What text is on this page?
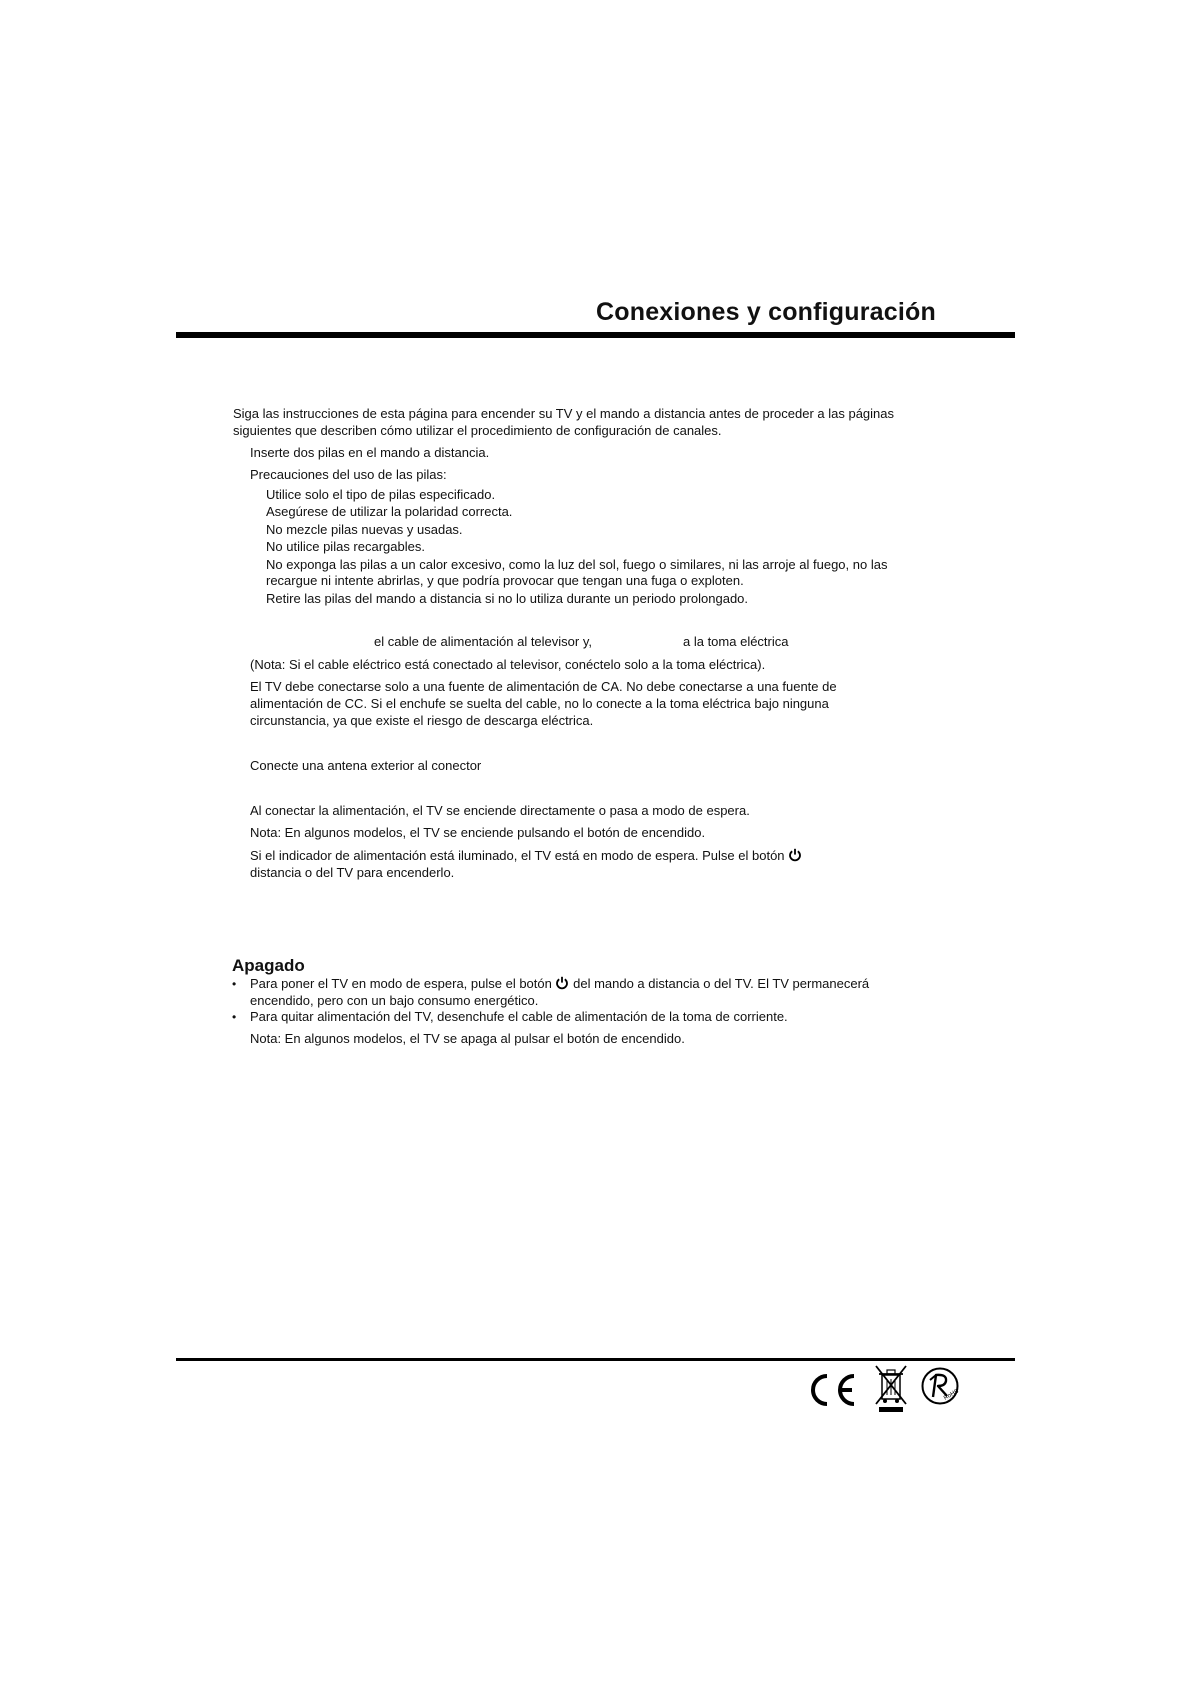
Conexiones y configuración
Siga las instrucciones de esta página para encender su TV y el mando a distancia antes de proceder a las páginas
siguientes que describen cómo utilizar el procedimiento de configuración de canales.
Inserte dos pilas en el mando a distancia.
Precauciones del uso de las pilas:
Utilice solo el tipo de pilas especificado.
Asegúrese de utilizar la polaridad correcta.
No mezcle pilas nuevas y usadas.
No utilice pilas recargables.
No exponga las pilas a un calor excesivo, como la luz del sol, fuego o similares, ni las arroje al fuego, no las
recargue ni intente abrirlas, y que podría provocar que tengan una fuga o exploten.
Retire las pilas del mando a distancia si no lo utiliza durante un periodo prolongado.
el cable de alimentación al televisor y,	a la toma eléctrica
(Nota: Si el cable eléctrico está conectado al televisor, conéctelo solo a la toma eléctrica).
El TV debe conectarse solo a una fuente de alimentación de CA. No debe conectarse a una fuente de
alimentación de CC. Si el enchufe se suelta del cable, no lo conecte a la toma eléctrica bajo ninguna
circunstancia, ya que existe el riesgo de descarga eléctrica.
Conecte una antena exterior al conector
Al conectar la alimentación, el TV se enciende directamente o pasa a modo de espera.
Nota: En algunos modelos, el TV se enciende pulsando el botón de encendido.
Si el indicador de alimentación está iluminado, el TV está en modo de espera. Pulse el botón
distancia o del TV para encenderlo.
Apagado
• Para poner el TV en modo de espera, pulse el botón del mando a distancia o del TV. El TV permanecerá
encendido, pero con un bajo consumo energético.
• Para quitar alimentación del TV, desenchufe el cable de alimentación de la toma de corriente.
Nota: En algunos modelos, el TV se apaga al pulsar el botón de encendido.
RoHS
